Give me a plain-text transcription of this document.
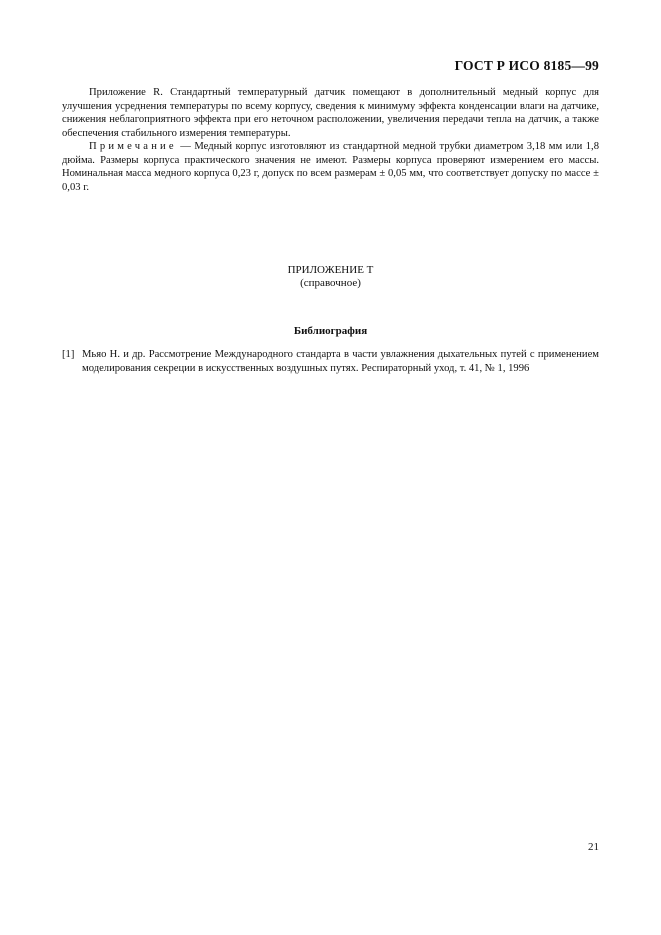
ГОСТ Р ИСО 8185—99

Приложение R. Стандартный температурный датчик помещают в дополнительный медный корпус для улучшения усреднения температуры по всему корпусу, сведения к минимуму эффекта конденсации влаги на датчике, снижения неблагоприятного эффекта при его неточном расположении, увеличения передачи тепла на датчик, а также обеспечения стабильного измерения температуры.

Примечание — Медный корпус изготовляют из стандартной медной трубки диаметром 3,18 мм или 1,8 дюйма. Размеры корпуса практического значения не имеют. Размеры корпуса проверяют измерением его массы. Номинальная масса медного корпуса 0,23 г, допуск по всем размерам ± 0,05 мм, что соответствует допуску по массе ± 0,03 г.

ПРИЛОЖЕНИЕ Т
(справочное)
Библиография
[1] Мьяо Н. и др. Рассмотрение Международного стандарта в части увлажнения дыхательных путей с применением моделирования секреции в искусственных воздушных путях. Респираторный уход, т. 41, № 1, 1996
21
